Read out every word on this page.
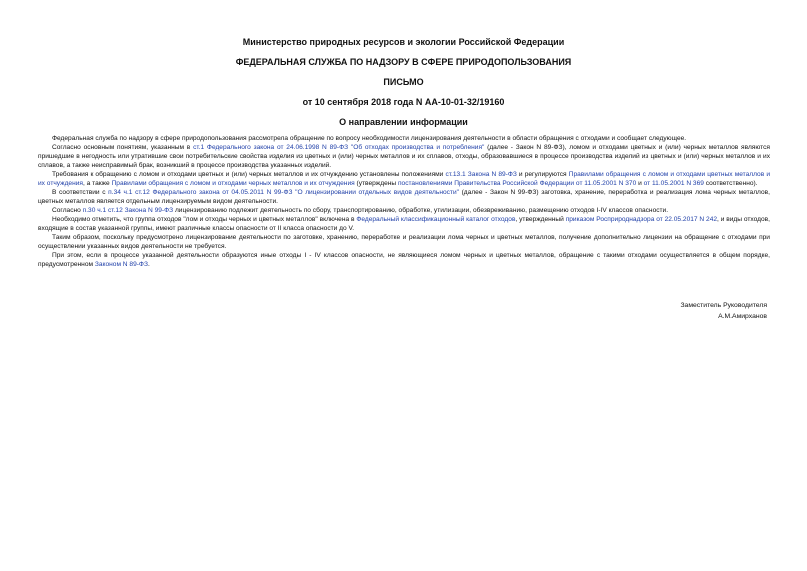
Министерство природных ресурсов и экологии Российской Федерации
ФЕДЕРАЛЬНАЯ СЛУЖБА ПО НАДЗОРУ В СФЕРЕ ПРИРОДОПОЛЬЗОВАНИЯ
ПИСЬМО
от 10 сентября 2018 года N АА-10-01-32/19160
О направлении информации

Федеральная служба по надзору в сфере природопользования рассмотрела обращение по вопросу необходимости лицензирования деятельности в области обращения с отходами и сообщает следующее.

Согласно основным понятиям, указанным в ст.1 Федерального закона от 24.06.1998 N 89-ФЗ "Об отходах производства и потребления" (далее - Закон N 89-ФЗ), ломом и отходами цветных и (или) черных металлов являются пришедшие в негодность или утратившие свои потребительские свойства изделия из цветных и (или) черных металлов и их сплавов, отходы, образовавшиеся в процессе производства изделий из цветных и (или) черных металлов и их сплавов, а также неисправимый брак, возникший в процессе производства указанных изделий.

Требования к обращению с ломом и отходами цветных и (или) черных металлов и их отчуждению установлены положениями ст.13.1 Закона N 89-ФЗ и регулируются Правилами обращения с ломом и отходами цветных металлов и их отчуждения, а также Правилами обращения с ломом и отходами черных металлов и их отчуждения (утверждены постановлениями Правительства Российской Федерации от 11.05.2001 N 370 и от 11.05.2001 N 369 соответственно).

В соответствии с п.34 ч.1 ст.12 Федерального закона от 04.05.2011 N 99-ФЗ "О лицензировании отдельных видов деятельности" (далее - Закон N 99-ФЗ) заготовка, хранение, переработка и реализация лома черных металлов, цветных металлов является отдельным лицензируемым видом деятельности.

Согласно п.30 ч.1 ст.12 Закона N 99-ФЗ лицензированию подлежит деятельность по сбору, транспортированию, обработке, утилизации, обезвреживанию, размещению отходов I-IV классов опасности.

Необходимо отметить, что группа отходов "лом и отходы черных и цветных металлов" включена в Федеральный классификационный каталог отходов, утвержденный приказом Росприроднадзора от 22.05.2017 N 242, и виды отходов, входящие в состав указанной группы, имеют различные классы опасности от II класса опасности до V.

Таким образом, поскольку предусмотрено лицензирование деятельности по заготовке, хранению, переработке и реализации лома черных и цветных металлов, получение дополнительно лицензии на обращение с отходами при осуществлении указанных видов деятельности не требуется.

При этом, если в процессе указанной деятельности образуются иные отходы I - IV классов опасности, не являющиеся ломом черных и цветных металлов, обращение с такими отходами осуществляется в общем порядке, предусмотренном Законом N 89-ФЗ.

Заместитель Руководителя
А.М.Амирханов
